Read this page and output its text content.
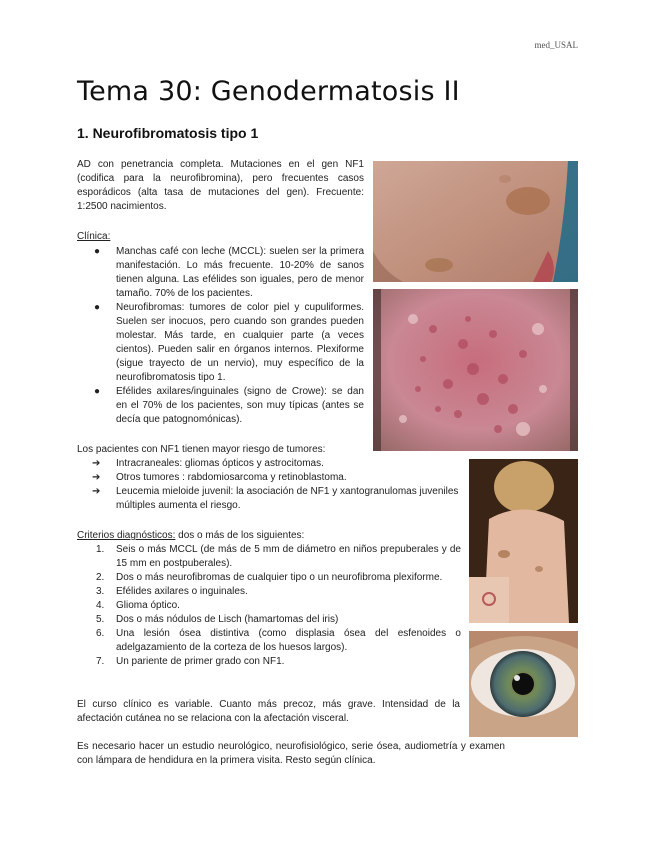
med_USAL
Tema 30: Genodermatosis II
1. Neurofibromatosis tipo 1
AD con penetrancia completa. Mutaciones en el gen NF1 (codifica para la neurofibromina), pero frecuentes casos esporádicos (alta tasa de mutaciones del gen). Frecuente: 1:2500 nacimientos.
Clínica:
● Manchas café con leche (MCCL): suelen ser la primera manifestación. Lo más frecuente. 10-20% de sanos tienen alguna. Las efélides son iguales, pero de menor tamaño. 70% de los pacientes.
● Neurofibromas: tumores de color piel y cupuliformes. Suelen ser inocuos, pero cuando son grandes pueden molestar. Más tarde, en cualquier parte (a veces cientos). Pueden salir en órganos internos. Plexiforme (sigue trayecto de un nervio), muy específico de la neurofibromatosis tipo 1.
● Efélides axilares/inguinales (signo de Crowe): se dan en el 70% de los pacientes, son muy típicas (antes se decía que patognomónicas).
Los pacientes con NF1 tienen mayor riesgo de tumores:
➔ Intracraneales: gliomas ópticos y astrocitomas.
➔ Otros tumores : rabdomiosarcoma y retinoblastoma.
➔ Leucemia mieloide juvenil: la asociación de NF1 y xantogranulomas juveniles múltiples aumenta el riesgo.
Criterios diagnósticos: dos o más de los siguientes:
1. Seis o más MCCL (de más de 5 mm de diámetro en niños prepuberales y de 15 mm en postpuberales).
2. Dos o más neurofibromas de cualquier tipo o un neurofibroma plexiforme.
3. Efélides axilares o inguinales.
4. Glioma óptico.
5. Dos o más nódulos de Lisch (hamartomas del iris)
6. Una lesión ósea distintiva (como displasia ósea del esfenoides o adelgazamiento de la corteza de los huesos largos).
7. Un pariente de primer grado con NF1.
El curso clínico es variable. Cuanto más precoz, más grave. Intensidad de la afectación cutánea no se relaciona con la afectación visceral.
Es necesario hacer un estudio neurológico, neurofisiológico, serie ósea, audiometría y examen con lámpara de hendidura en la primera visita. Resto según clínica.
